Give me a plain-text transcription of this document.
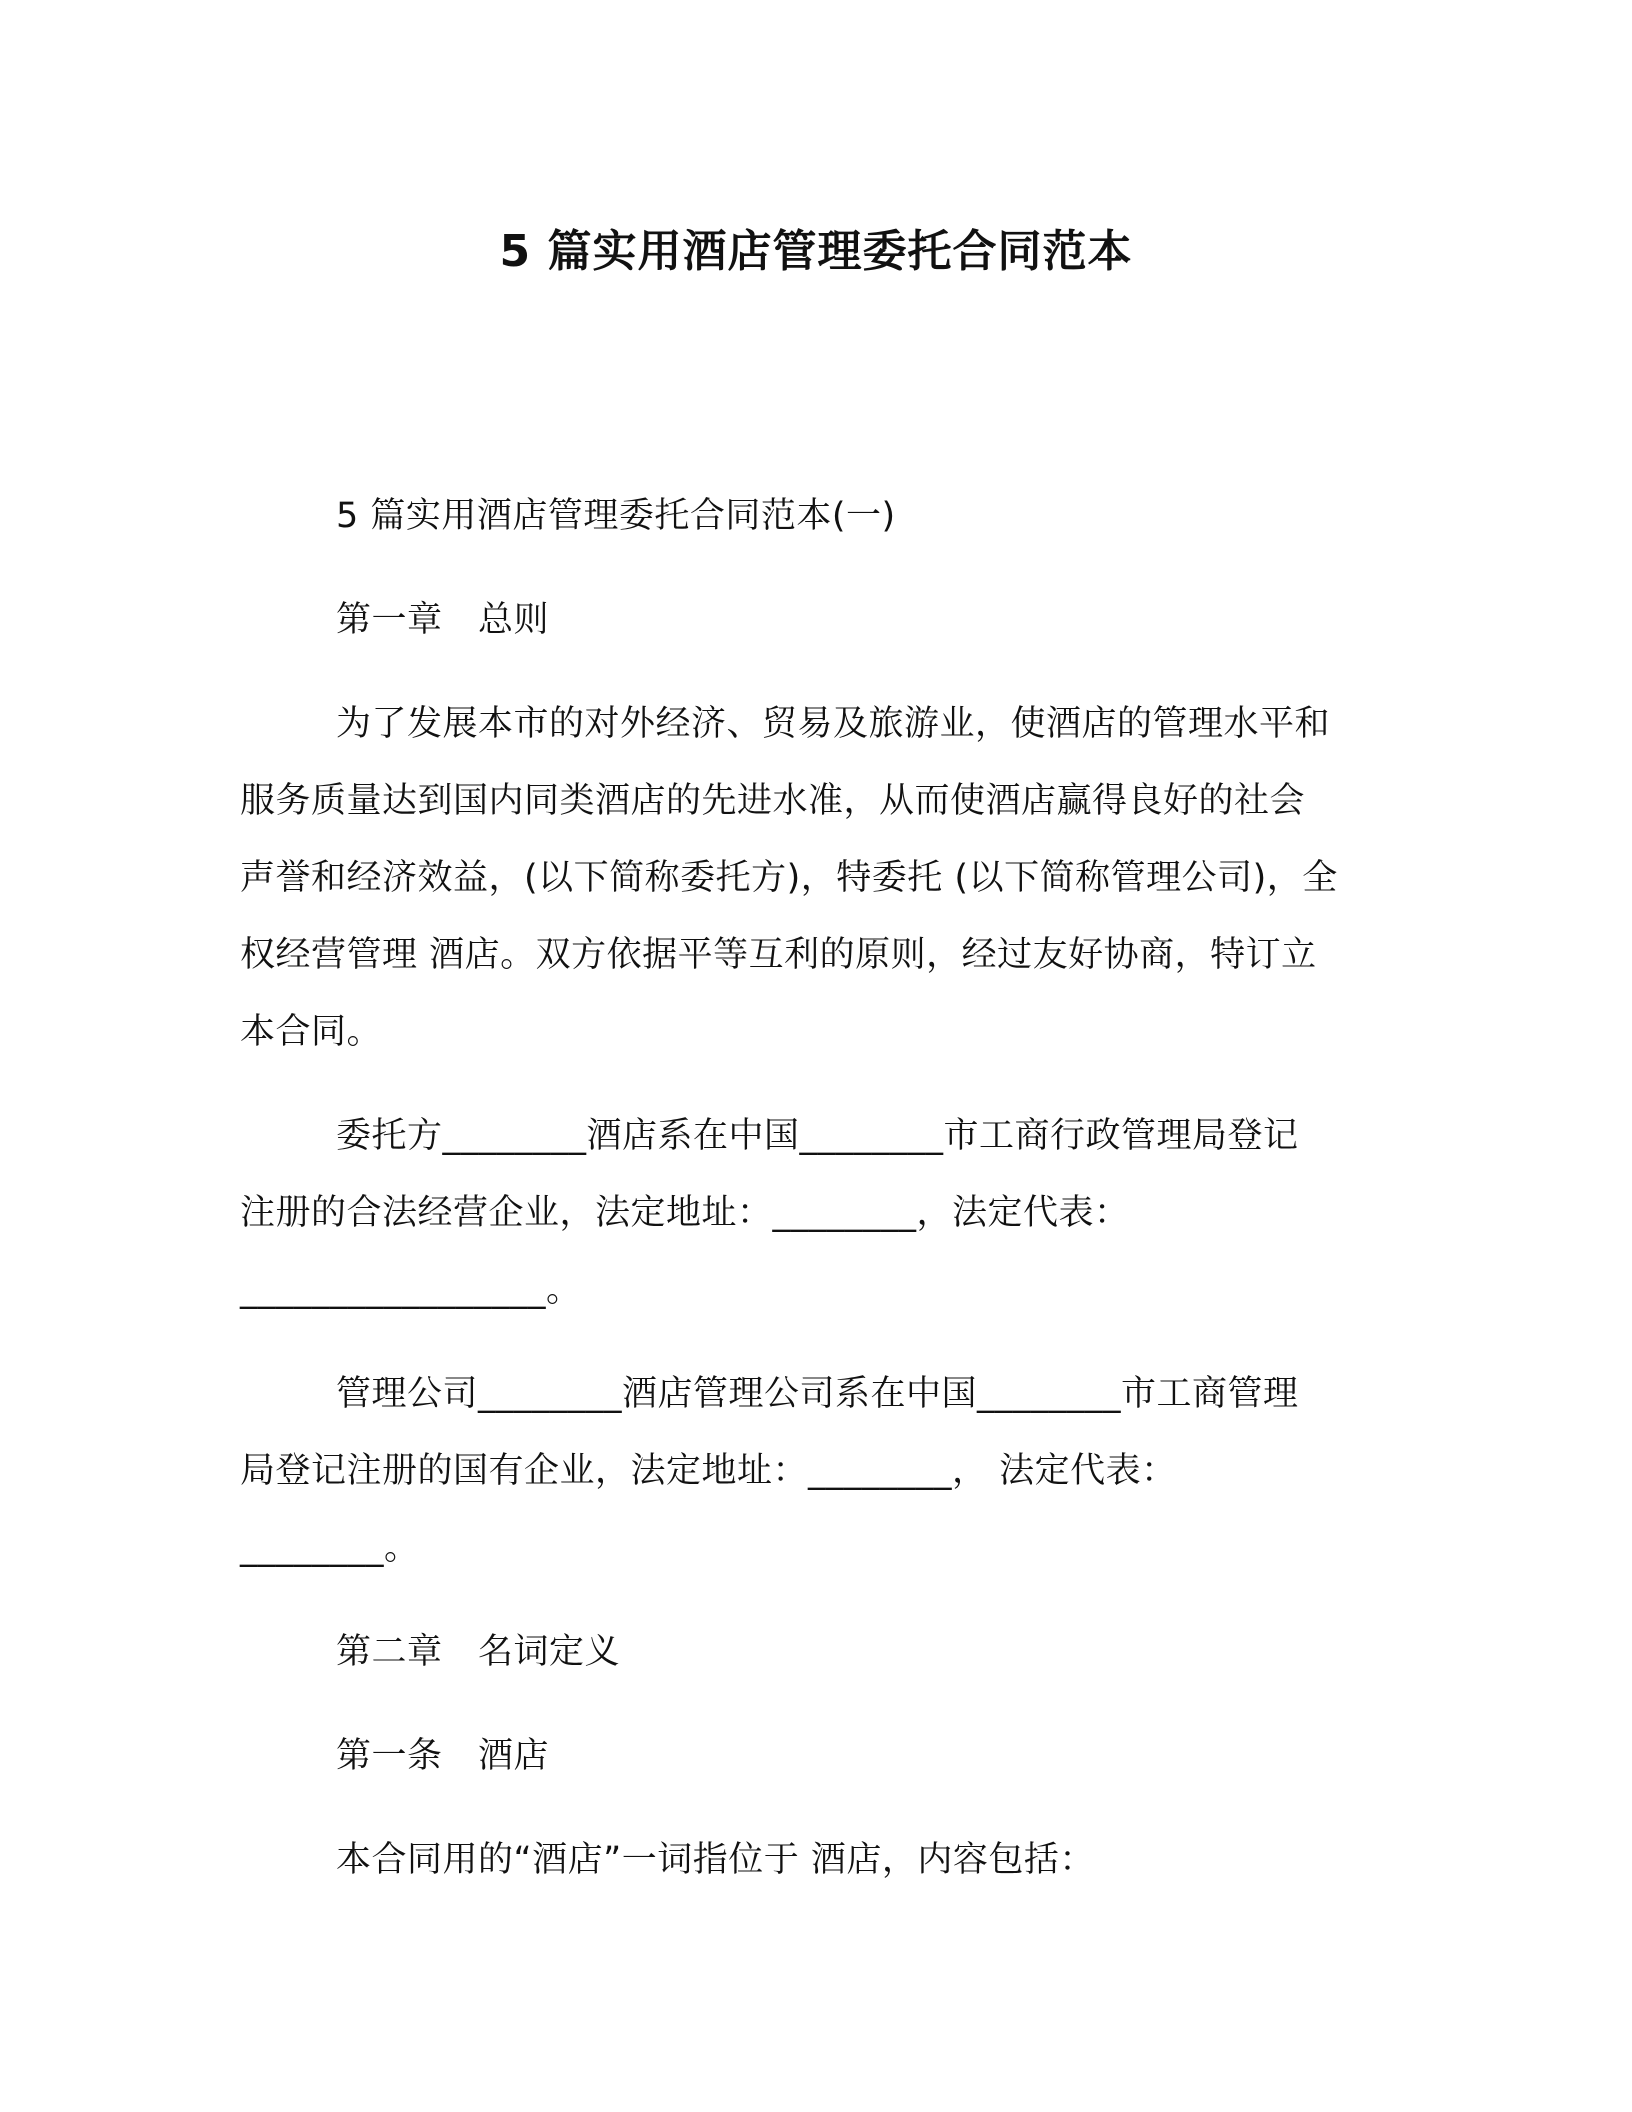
5 篇实用酒店管理委托合同范本
5 篇实用酒店管理委托合同范本(一)
第一章　总则
为了发展本市的对外经济、贸易及旅游业，使酒店的管理水平和
服务质量达到国内同类酒店的先进水准，从而使酒店赢得良好的社会
声誉和经济效益，(以下简称委托方)，特委托 (以下简称管理公司)，全
权经营管理 酒店。双方依据平等互利的原则，经过友好协商，特订立
本合同。
委托方________酒店系在中国________市工商行政管理局登记
注册的合法经营企业，法定地址：________，法定代表：
_________________。
管理公司________酒店管理公司系在中国________市工商管理
局登记注册的国有企业，法定地址：________， 法定代表：
________。
第二章　名词定义
第一条　酒店
本合同用的“酒店”一词指位于 酒店，内容包括：
